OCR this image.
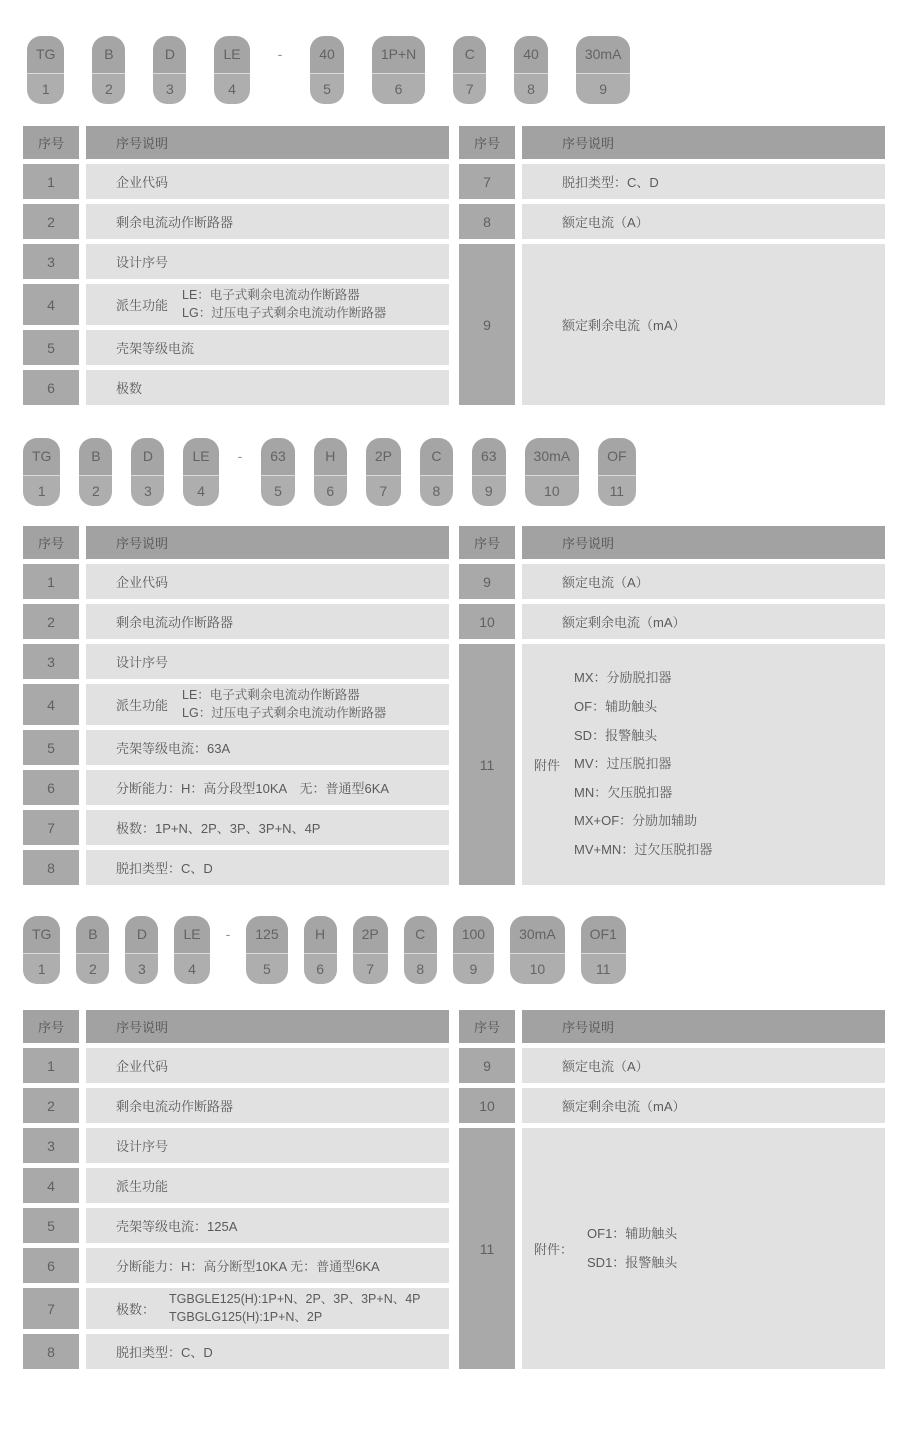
TG
1
B
2
D
3
LE
4
-	40
5
1P+N
6
C
7
40
8
30mA
9
序号	序号说明
1	企业代码
2	剩余电流动作断路器
3	设计序号
4	派生功能
LE：电子式剩余电流动作断路器
LG：过压电子式剩余电流动作断路器
5	壳架等级电流
6	极数
序号	序号说明
7	脱扣类型：C、D
8	额定电流（A）
9	额定剩余电流（mA）
TG
1
B
2
D
3
LE
4
-	63
5
H
6
2P
7
C
8
63
9
30mA
10
OF
11
序号	序号说明
1	企业代码
2	剩余电流动作断路器
3	设计序号
4	派生功能
LE：电子式剩余电流动作断路器
LG：过压电子式剩余电流动作断路器
5	壳架等级电流：63A
6	分断能力：H：高分段型10KA　无：普通型6KA
7	极数：1P+N、2P、3P、3P+N、4P
8	脱扣类型：C、D
序号	序号说明
9	额定电流（A）
10	额定剩余电流（mA）
11	附件
MX：分励脱扣器
OF：辅助触头
SD：报警触头
MV：过压脱扣器
MN：欠压脱扣器
MX+OF：分励加辅助
MV+MN：过欠压脱扣器
TG
1
B
2
D
3
LE
4
-	125
5
H
6
2P
7
C
8
100
9
30mA
10
OF1
11
序号	序号说明
1	企业代码
2	剩余电流动作断路器
3	设计序号
4	派生功能
5	壳架等级电流：125A
6	分断能力：H：高分断型10KA 无：普通型6KA
7	极数：
TGBGLE125(H):1P+N、2P、3P、3P+N、4P
TGBGLG125(H):1P+N、2P
8	脱扣类型：C、D
序号	序号说明
9	额定电流（A）
10	额定剩余电流（mA）
11	附件：
OF1：辅助触头
SD1：报警触头
